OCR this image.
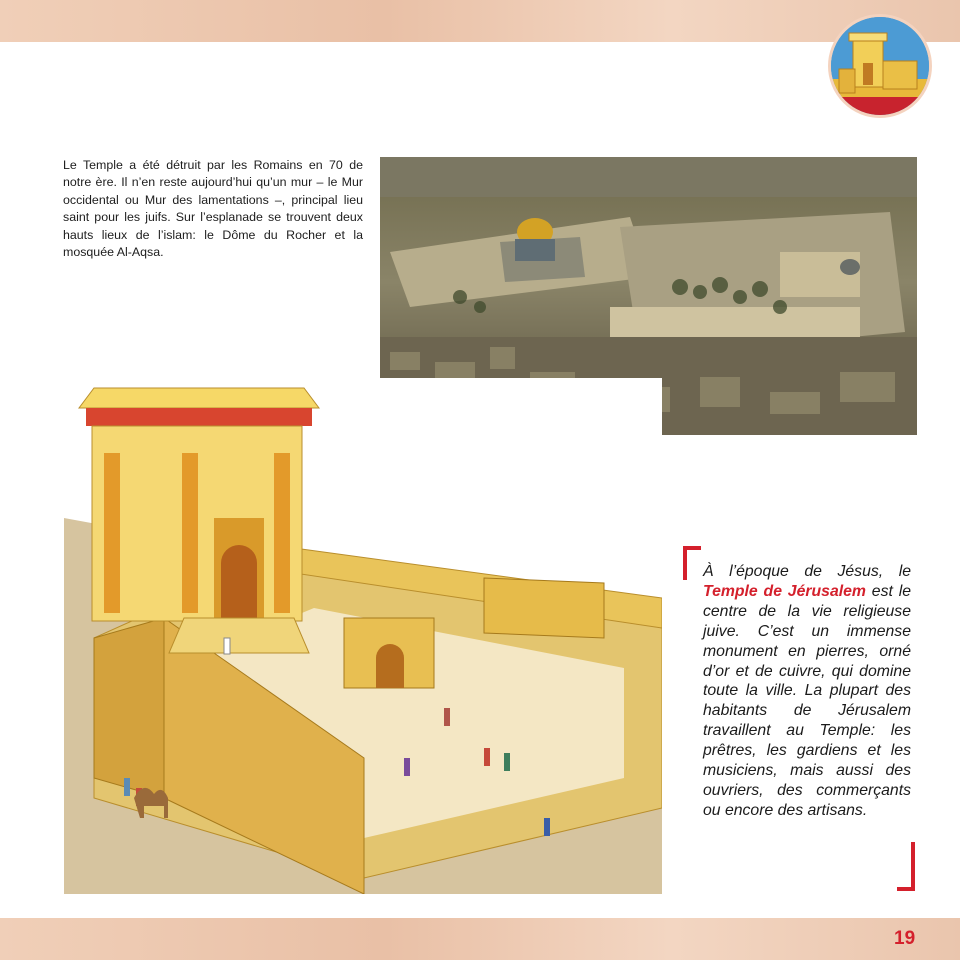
Le Temple a été détruit par les Romains en 70 de notre ère. Il n’en reste aujourd’hui qu’un mur – le Mur occidental ou Mur des lamentations –, principal lieu saint pour les juifs. Sur l’esplanade se trouvent deux hauts lieux de l’islam: le Dôme du Rocher et la mosquée Al-Aqsa.

À l’époque de Jésus, le Temple de Jérusalem est le centre de la vie religieuse juive. C’est un immense monument en pierres, orné d’or et de cuivre, qui domine toute la ville. La plupart des habitants de Jérusalem travaillent au Temple: les prêtres, les gardiens et les musiciens, mais aussi des ouvriers, des commerçants ou encore des artisans.

19
